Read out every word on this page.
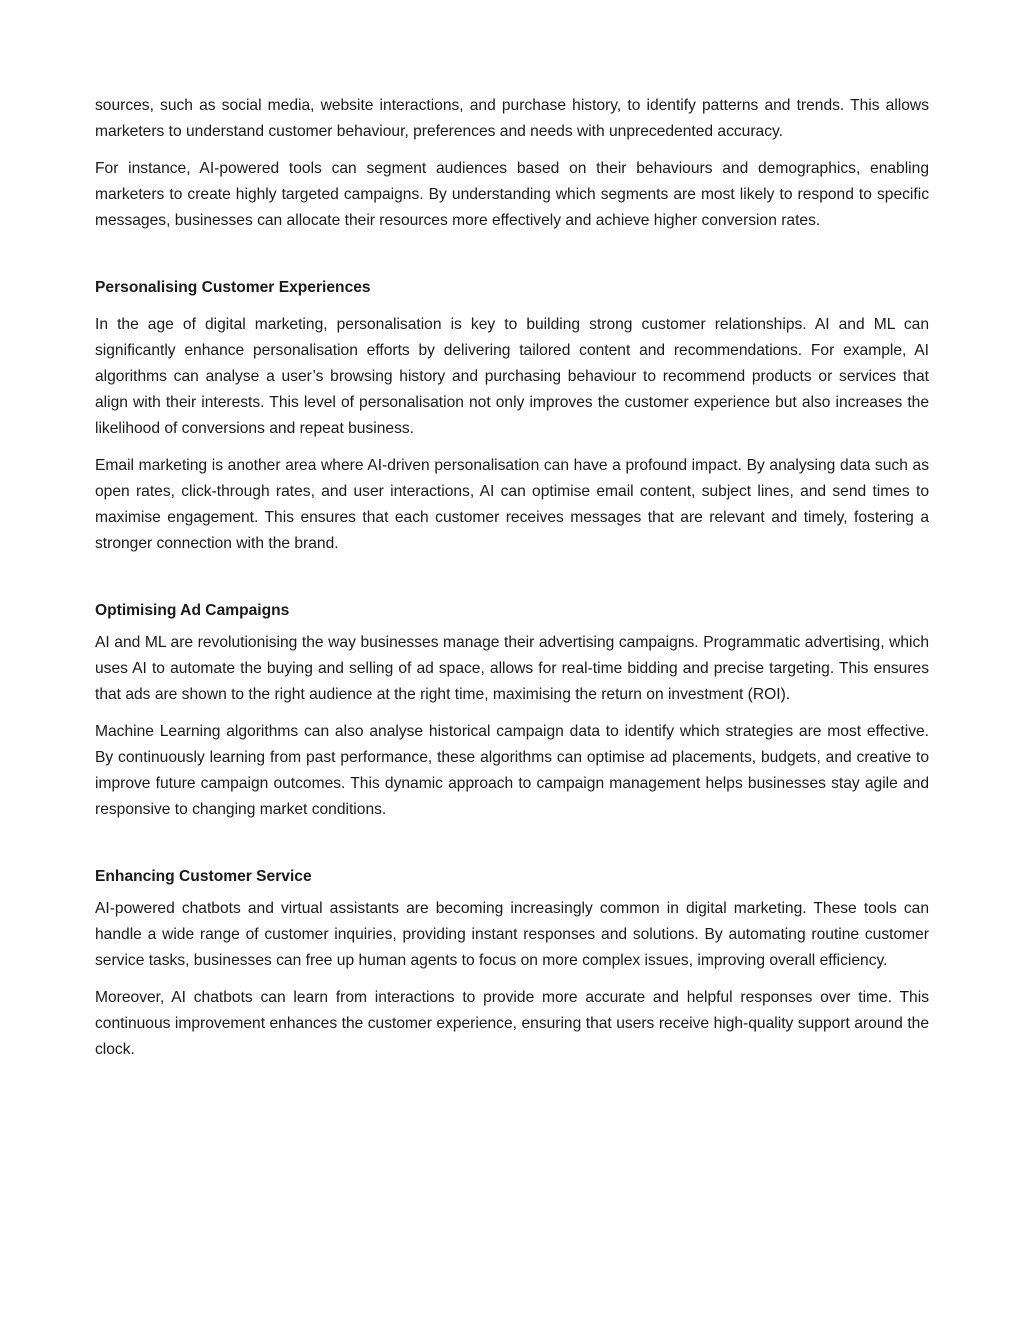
sources, such as social media, website interactions, and purchase history, to identify patterns and trends. This allows marketers to understand customer behaviour, preferences and needs with unprecedented accuracy.

For instance, AI-powered tools can segment audiences based on their behaviours and demographics, enabling marketers to create highly targeted campaigns. By understanding which segments are most likely to respond to specific messages, businesses can allocate their resources more effectively and achieve higher conversion rates.

Personalising Customer Experiences

In the age of digital marketing, personalisation is key to building strong customer relationships. AI and ML can significantly enhance personalisation efforts by delivering tailored content and recommendations. For example, AI algorithms can analyse a user’s browsing history and purchasing behaviour to recommend products or services that align with their interests. This level of personalisation not only improves the customer experience but also increases the likelihood of conversions and repeat business.

Email marketing is another area where AI-driven personalisation can have a profound impact. By analysing data such as open rates, click-through rates, and user interactions, AI can optimise email content, subject lines, and send times to maximise engagement. This ensures that each customer receives messages that are relevant and timely, fostering a stronger connection with the brand.

Optimising Ad Campaigns

AI and ML are revolutionising the way businesses manage their advertising campaigns. Programmatic advertising, which uses AI to automate the buying and selling of ad space, allows for real-time bidding and precise targeting. This ensures that ads are shown to the right audience at the right time, maximising the return on investment (ROI).

Machine Learning algorithms can also analyse historical campaign data to identify which strategies are most effective. By continuously learning from past performance, these algorithms can optimise ad placements, budgets, and creative to improve future campaign outcomes. This dynamic approach to campaign management helps businesses stay agile and responsive to changing market conditions.

Enhancing Customer Service

AI-powered chatbots and virtual assistants are becoming increasingly common in digital marketing. These tools can handle a wide range of customer inquiries, providing instant responses and solutions. By automating routine customer service tasks, businesses can free up human agents to focus on more complex issues, improving overall efficiency.

Moreover, AI chatbots can learn from interactions to provide more accurate and helpful responses over time. This continuous improvement enhances the customer experience, ensuring that users receive high-quality support around the clock.
